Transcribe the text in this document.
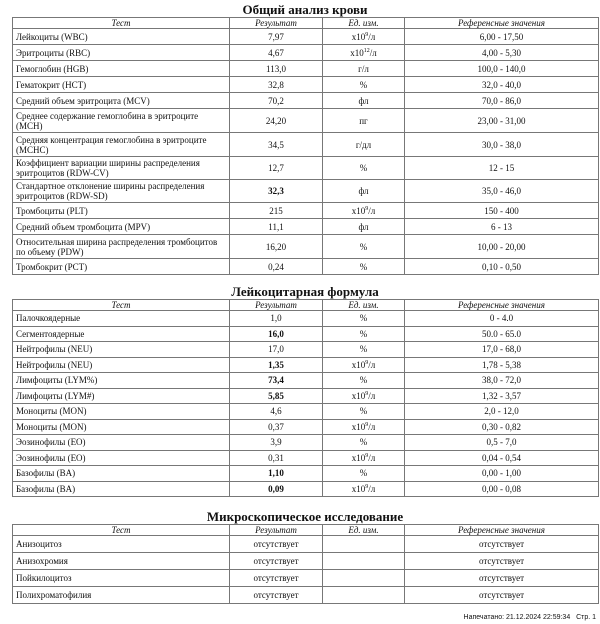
Общий анализ крови
Тест	Результат	Ед. изм.	Референсные значения
Лейкоциты (WBC)	7,97	$x10^9/л$	6,00 - 17,50
Эритроциты (RBC)	4,67	$x10^{12}/л$	4,00 - 5,30
Гемоглобин (HGB)	113,0	г/л	100,0 - 140,0
Гематокрит (HCT)	32,8	%	32,0 - 40,0
Средний объем эритроцита (MCV)	70,2	фл	70,0 - 86,0
Среднее содержание гемоглобина в эритроците (MCH)	24,20	пг	23,00 - 31,00
Средняя концентрация гемоглобина в эритроците (MCHC)	34,5	г/дл	30,0 - 38,0
Коэффициент вариации ширины распределения эритроцитов (RDW-CV)	12,7	%	12 - 15
Стандартное отклонение ширины распределения эритроцитов (RDW-SD)	32,3	фл	35,0 - 46,0
Тромбоциты (PLT)	215	$x10^9/л$	150 - 400
Средний объем тромбоцита (MPV)	11,1	фл	6 - 13
Относительная ширина распределения тромбоцитов по объему (PDW)	16,20	%	10,00 - 20,00
Тромбокрит (PCT)	0,24	%	0,10 - 0,50
Лейкоцитарная формула
Тест	Результат	Ед. изм.	Референсные значения
Палочкоядерные	1,0	%	0 - 4.0
Сегментоядерные	16,0	%	50.0 - 65.0
Нейтрофилы (NEU)	17,0	%	17,0 - 68,0
Нейтрофилы (NEU)	1,35	$x10^9/л$	1,78 - 5,38
Лимфоциты (LYM%)	73,4	%	38,0 - 72,0
Лимфоциты (LYM#)	5,85	$x10^9/л$	1,32 - 3,57
Моноциты (MON)	4,6	%	2,0 - 12,0
Моноциты (MON)	0,37	$x10^9/л$	0,30 - 0,82
Эозинофилы (EO)	3,9	%	0,5 - 7,0
Эозинофилы (EO)	0,31	$x10^9/л$	0,04 - 0,54
Базофилы (BA)	1,10	%	0,00 - 1,00
Базофилы (BA)	0,09	$x10^9/л$	0,00 - 0,08
Микроскопическое исследование
Тест	Результат	Ед. изм.	Референсные значения
Анизоцитоз	отсутствует		отсутствует
Анизохромия	отсутствует		отсутствует
Пойкилоцитоз	отсутствует		отсутствует
Полихроматофилия	отсутствует		отсутствует
Напечатано: 21.12.2024 22:59:34 Стр. 1
